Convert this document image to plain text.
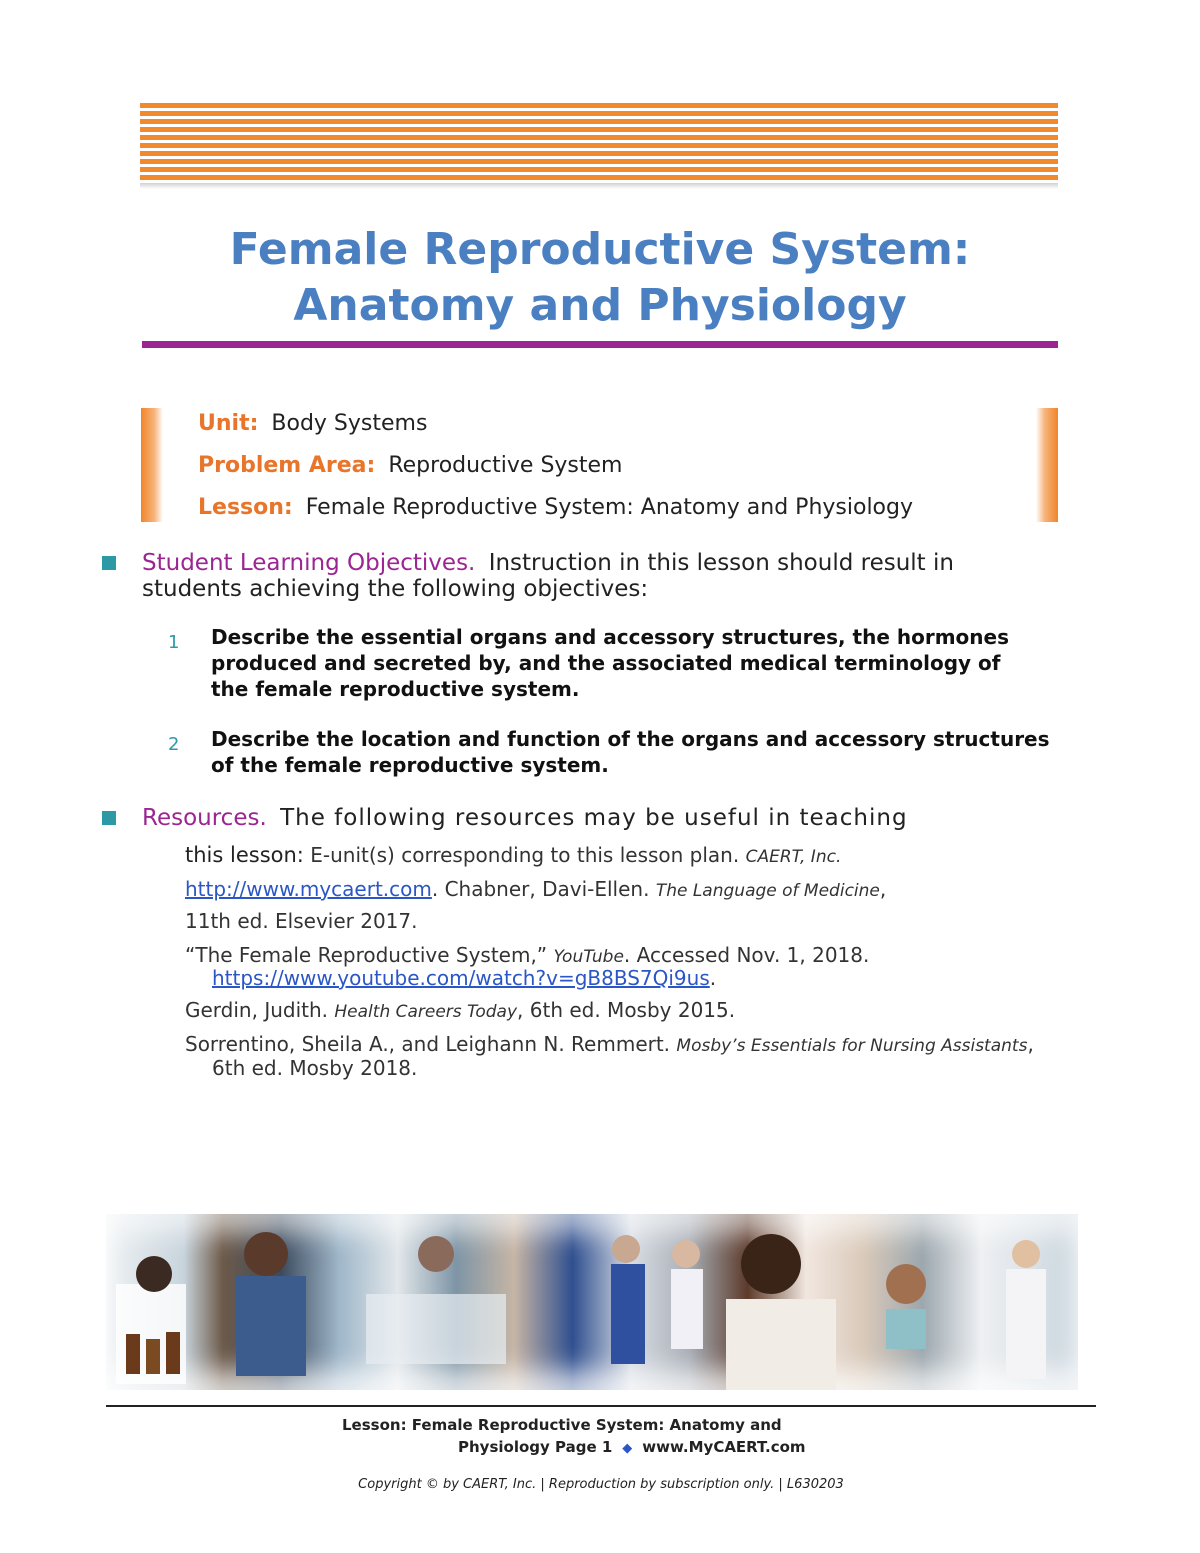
Female Reproductive System:
Anatomy and Physiology
Unit: Body Systems
Problem Area: Reproductive System
Lesson: Female Reproductive System: Anatomy and Physiology
Student Learning Objectives. Instruction in this lesson should result in students achieving the following objectives:
1 Describe the essential organs and accessory structures, the hormones produced and secreted by, and the associated medical terminology of the female reproductive system.
2 Describe the location and function of the organs and accessory structures of the female reproductive system.
Resources. The following resources may be useful in teaching
this lesson: E-unit(s) corresponding to this lesson plan. CAERT, Inc.
http://www.mycaert.com. Chabner, Davi-Ellen. The Language of Medicine,
11th ed. Elsevier 2017.
“The Female Reproductive System,” YouTube. Accessed Nov. 1, 2018.
https://www.youtube.com/watch?v=gB8BS7Qi9us.
Gerdin, Judith. Health Careers Today, 6th ed. Mosby 2015.
Sorrentino, Sheila A., and Leighann N. Remmert. Mosby’s Essentials for Nursing Assistants,
6th ed. Mosby 2018.
Lesson: Female Reproductive System: Anatomy and
Physiology Page 1 ◆ www.MyCAERT.com
Copyright © by CAERT, Inc. | Reproduction by subscription only. | L630203
